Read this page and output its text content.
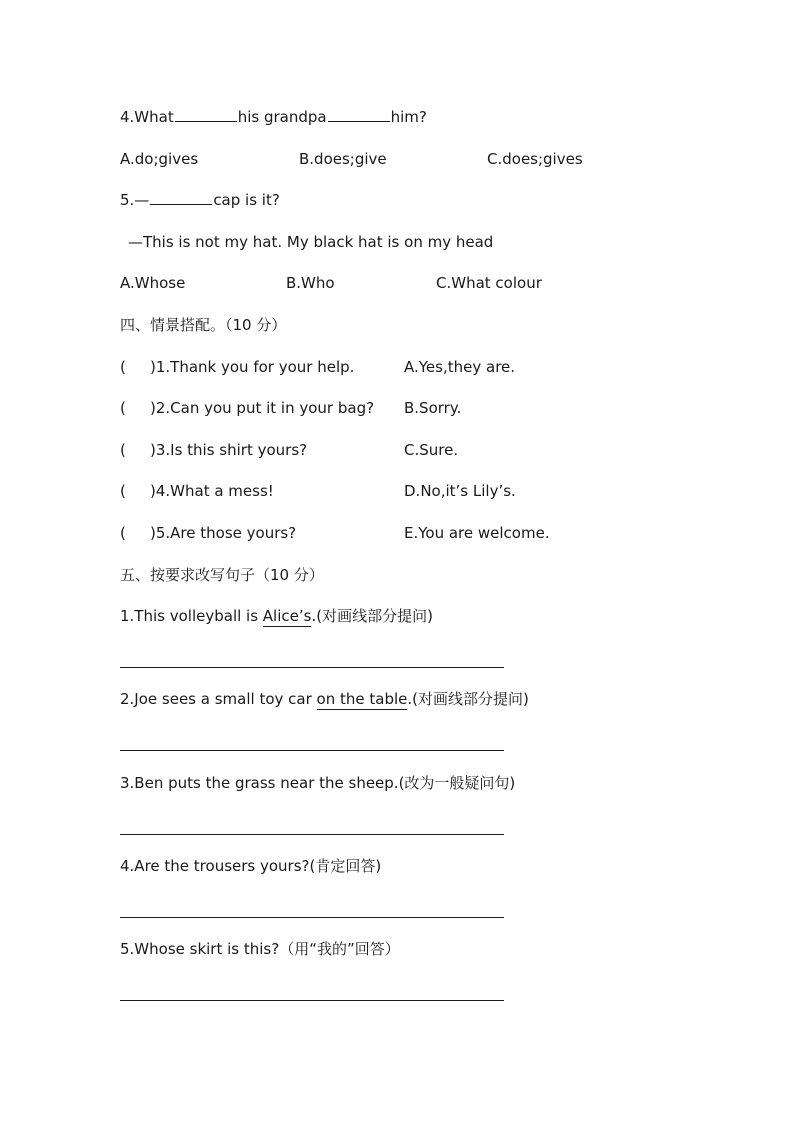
4.What	his grandpa	him?
A.do;gives	B.does;give	C.does;gives
5.—	cap is it?
—This is not my hat. My black hat is on my head
A.Whose	B.Who	C.What colour
四、情景搭配。（10 分）
( )1.Thank you for your help.	A.Yes,they are.
( )2.Can you put it in your bag? B.Sorry.
( )3.Is this shirt yours?	C.Sure.
( )4.What a mess!	D.No,it’s Lily’s.
( )5.Are those yours?	E.You are welcome.
五、按要求改写句子（10 分）
1.This volleyball is Alice’s.(对画线部分提问)
2.Joe sees a small toy car on the table.(对画线部分提问)
3.Ben puts the grass near the sheep.(改为一般疑问句)
4.Are the trousers yours?(肯定回答)
5.Whose skirt is this?（用“我的”回答）
